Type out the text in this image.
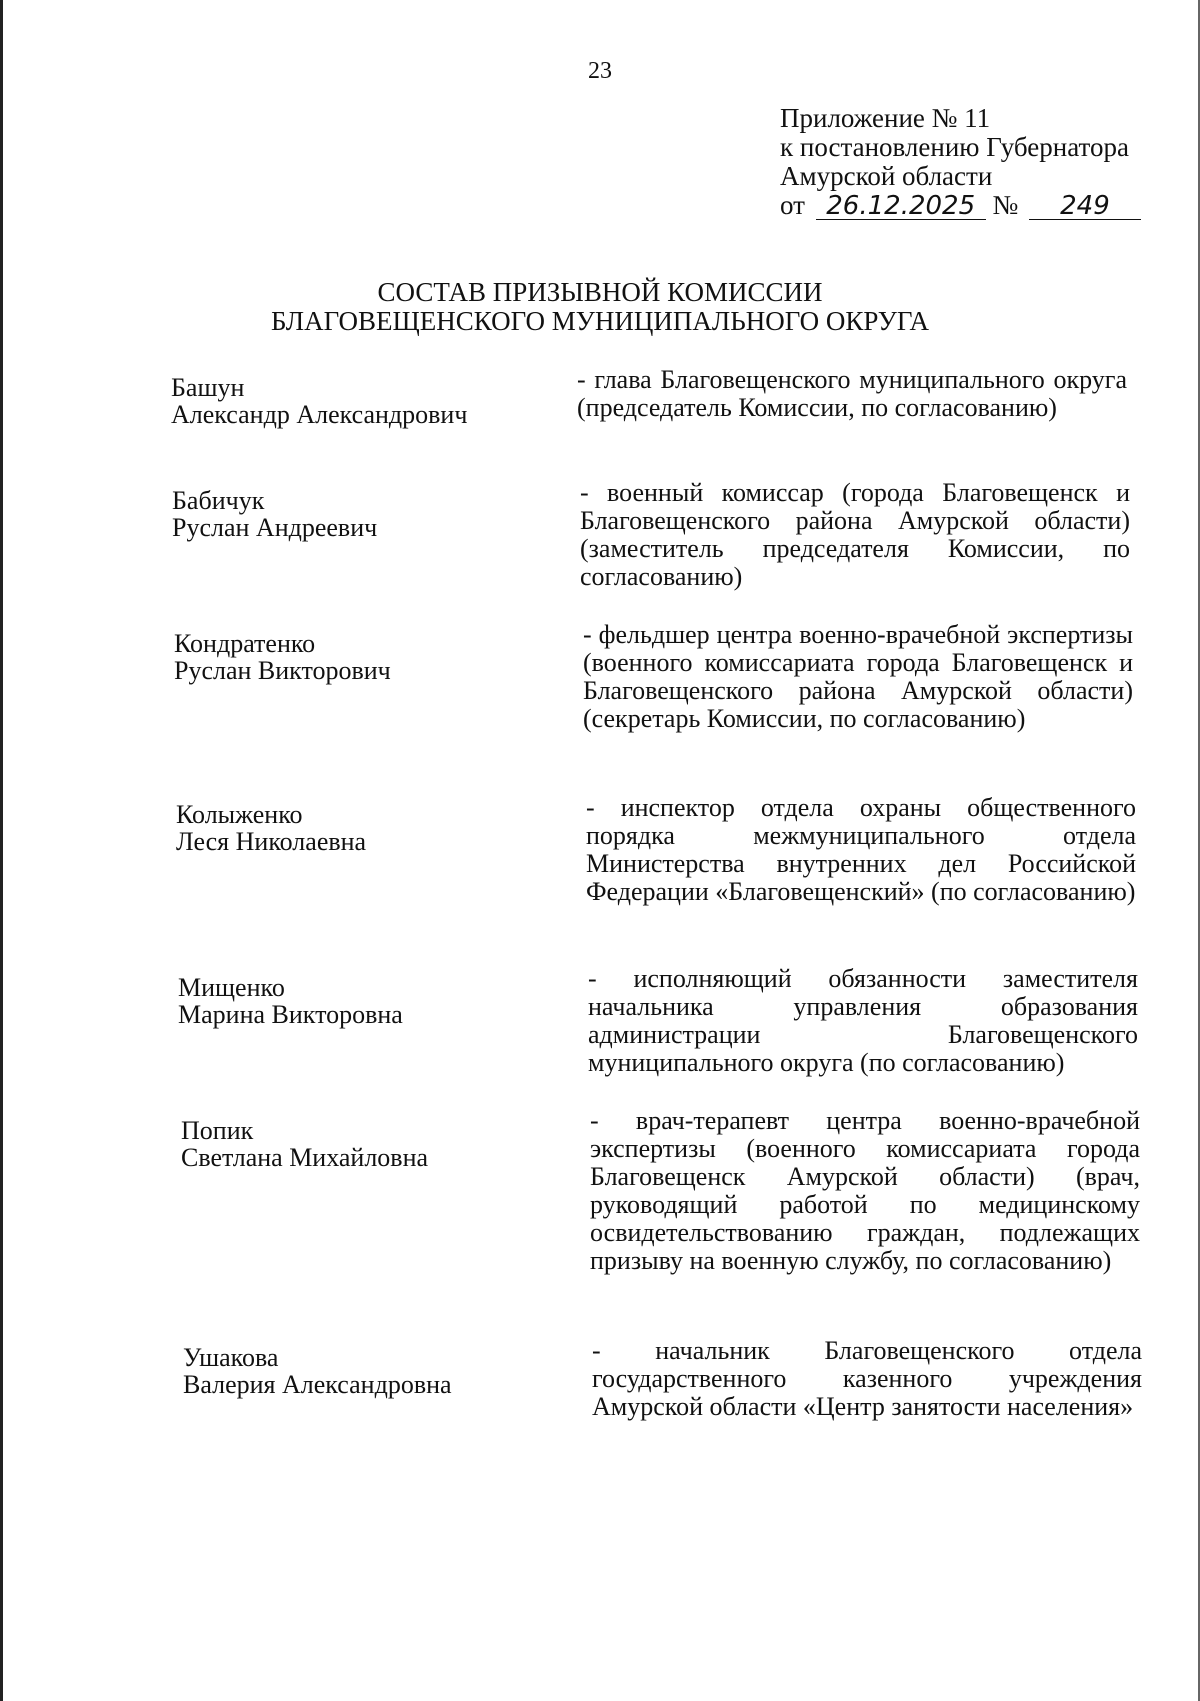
23
Приложение № 11
к постановлению Губернатора
Амурской области
от 26.12.2025 № 249
СОСТАВ ПРИЗЫВНОЙ КОМИССИИ
БЛАГОВЕЩЕНСКОГО МУНИЦИПАЛЬНОГО ОКРУГА
Башун
Александр Александрович
- глава Благовещенского муниципального округа (председатель Комиссии, по согласованию)
Бабичук
Руслан Андреевич
- военный комиссар (города Благовещенск и Благовещенского района Амурской области) (заместитель председателя Комиссии, по согласованию)
Кондратенко
Руслан Викторович
- фельдшер центра военно-врачебной экспертизы (военного комиссариата города Благовещенск и Благовещенского района Амурской области) (секретарь Комиссии, по согласованию)
Колыженко
Леся Николаевна
- инспектор отдела охраны общественного порядка межмуниципального отдела Министерства внутренних дел Российской Федерации «Благовещенский» (по согласованию)
Мищенко
Марина Викторовна
- исполняющий обязанности заместителя начальника управления образования администрации Благовещенского муниципального округа (по согласованию)
Попик
Светлана Михайловна
- врач-терапевт центра военно-врачебной экспертизы (военного комиссариата города Благовещенск Амурской области) (врач, руководящий работой по медицинскому освидетельствованию граждан, подлежащих призыву на военную службу, по согласованию)
Ушакова
Валерия Александровна
- начальник Благовещенского отдела государственного казенного учреждения Амурской области «Центр занятости населения»
